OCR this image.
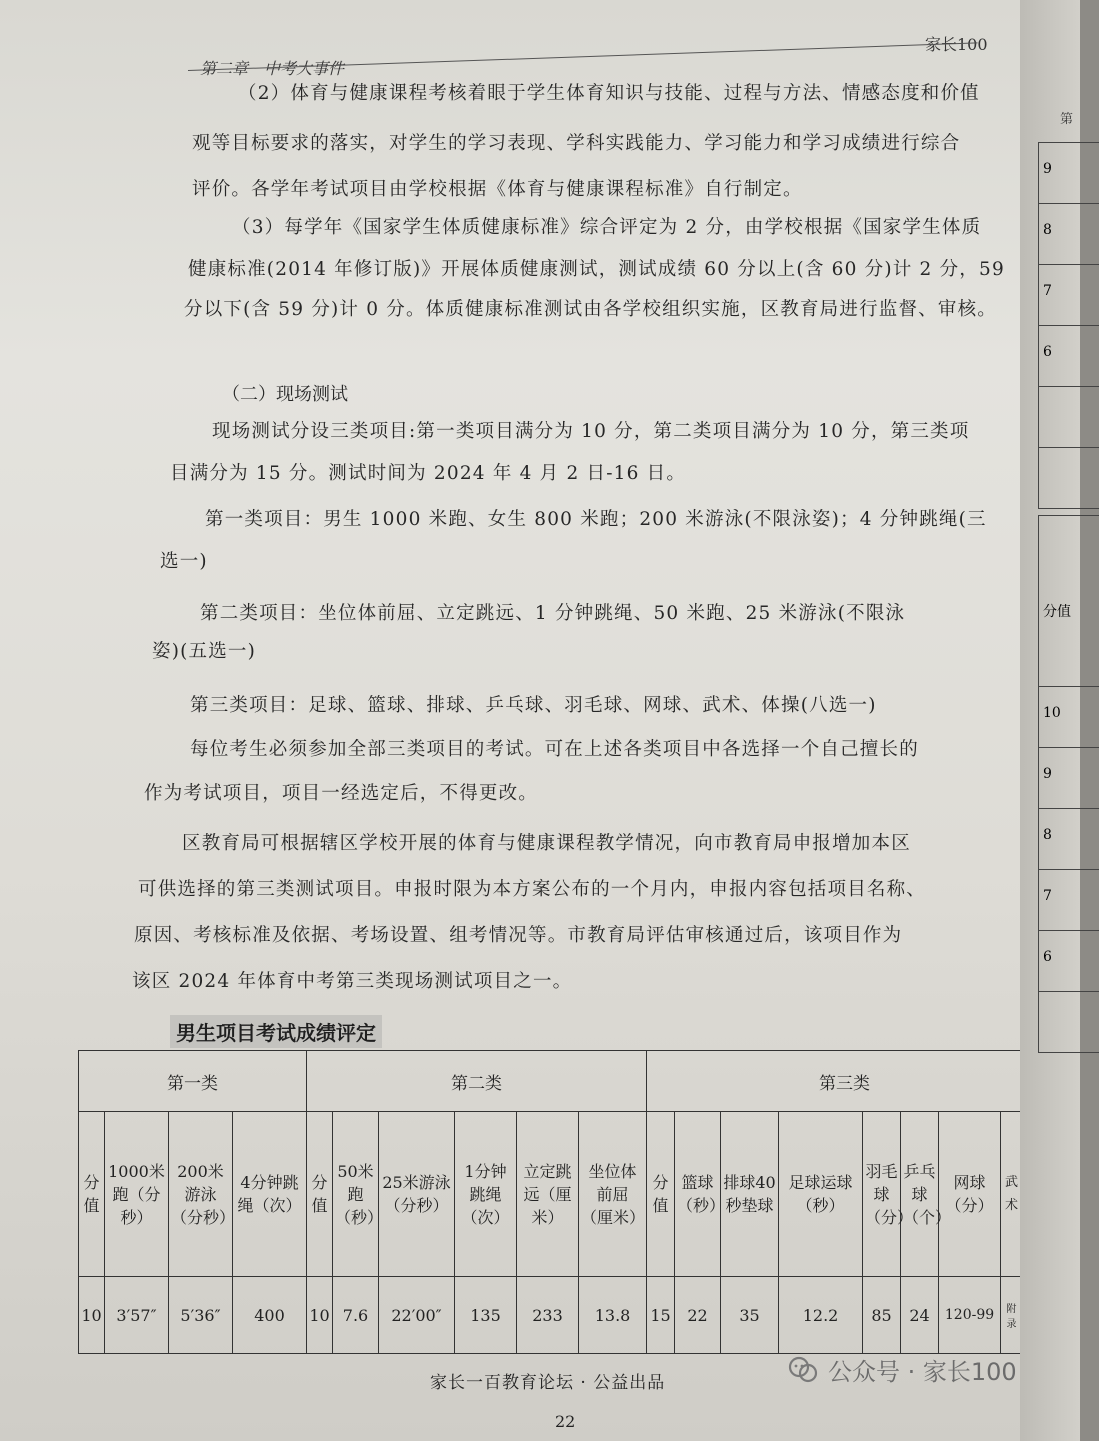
第二章　中考大事件
家长100
（2）体育与健康课程考核着眼于学生体育知识与技能、过程与方法、情感态度和价值
观等目标要求的落实，对学生的学习表现、学科实践能力、学习能力和学习成绩进行综合
评价。各学年考试项目由学校根据《体育与健康课程标准》自行制定。
（3）每学年《国家学生体质健康标准》综合评定为 2 分，由学校根据《国家学生体质
健康标准(2014 年修订版)》开展体质健康测试，测试成绩 60 分以上(含 60 分)计 2 分，59
分以下(含 59 分)计 0 分。体质健康标准测试由各学校组织实施，区教育局进行监督、审核。
（二）现场测试
现场测试分设三类项目:第一类项目满分为 10 分，第二类项目满分为 10 分，第三类项
目满分为 15 分。测试时间为 2024 年 4 月 2 日-16 日。
第一类项目：男生 1000 米跑、女生 800 米跑；200 米游泳(不限泳姿)；4 分钟跳绳(三
选一)
第二类项目：坐位体前屈、立定跳远、1 分钟跳绳、50 米跑、25 米游泳(不限泳
姿)(五选一)
第三类项目：足球、篮球、排球、乒乓球、羽毛球、网球、武术、体操(八选一)
每位考生必须参加全部三类项目的考试。可在上述各类项目中各选择一个自己擅长的
作为考试项目，项目一经选定后，不得更改。
区教育局可根据辖区学校开展的体育与健康课程教学情况，向市教育局申报增加本区
可供选择的第三类测试项目。申报时限为本方案公布的一个月内，申报内容包括项目名称、
原因、考核标准及依据、考场设置、组考情况等。市教育局评估审核通过后，该项目作为
该区 2024 年体育中考第三类现场测试项目之一。
男生项目考试成绩评定
第一类				第二类						第三类								
分值	1000米跑（分秒）	200米游泳（分秒）	4分钟跳绳（次）	分值	50米跑（秒）	25米游泳（分秒）	1分钟跳绳（次）	立定跳远（厘米）	坐位体前屈（厘米）	分值	篮球（秒）	排球40秒垫球	足球运球（秒）	羽毛球（分）	乒乓球（个）	网球（分）	武术	
10	3′57″	5′36″	400	10	7.6	22′00″	135	233	13.8	15	22	35	12.2	85	24	120-99	附录	
家长一百教育论坛 · 公益出品
22
第
9
8
7
6
分值
10
9
8
7
6
公众号 · 家长100
